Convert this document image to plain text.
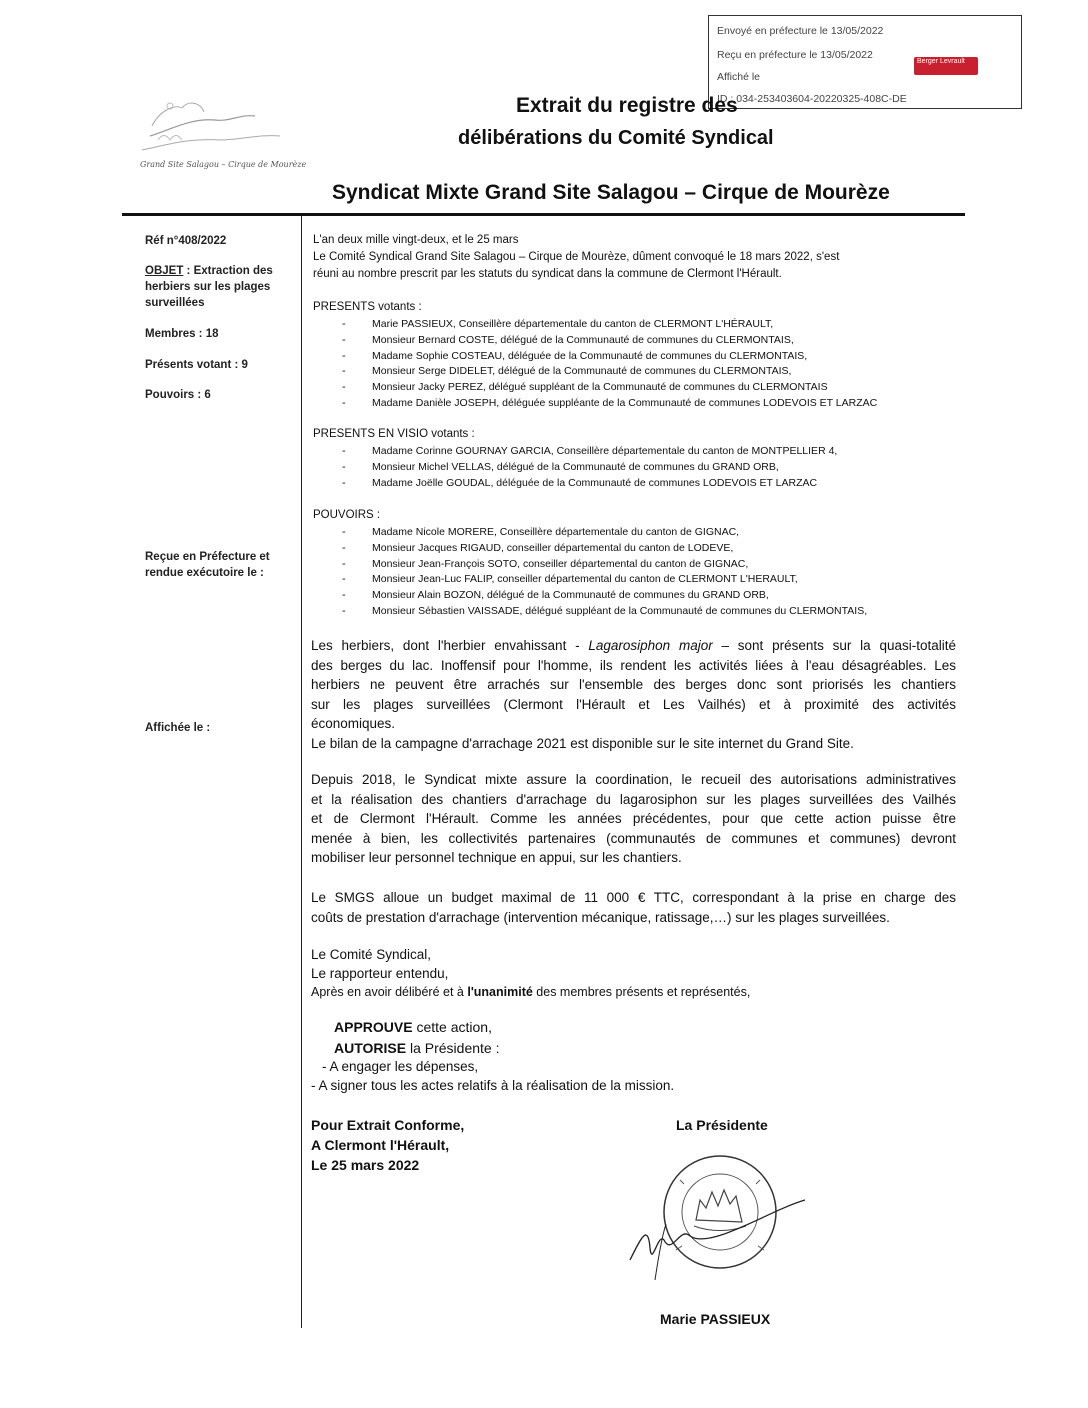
Envoyé en préfecture le 13/05/2022
Reçu en préfecture le 13/05/2022
Affiché le
ID : 034-253403604-20220325-408C-DE
Berger Levrault
Grand Site Salagou – Cirque de Mourèze
Extrait du registre des
délibérations du Comité Syndical
Syndicat Mixte Grand Site Salagou – Cirque de Mourèze
Réf n°408/2022
OBJET : Extraction des
herbiers sur les plages
surveillées
Membres : 18
Présents votant : 9
Pouvoirs : 6
Reçue en Préfecture et
rendue exécutoire le :
Affichée le :
L'an deux mille vingt-deux, et le 25 mars
Le Comité Syndical Grand Site Salagou – Cirque de Mourèze, dûment convoqué le 18 mars 2022, s'est
réuni au nombre prescrit par les statuts du syndicat dans la commune de Clermont l'Hérault.
PRESENTS votants :
-	Marie PASSIEUX, Conseillère départementale du canton de CLERMONT L'HÉRAULT,
-	Monsieur Bernard COSTE, délégué de la Communauté de communes du CLERMONTAIS,
-	Madame Sophie COSTEAU, déléguée de la Communauté de communes du CLERMONTAIS,
-	Monsieur Serge DIDELET, délégué de la Communauté de communes du CLERMONTAIS,
-	Monsieur Jacky PEREZ, délégué suppléant de la Communauté de communes du CLERMONTAIS
-	Madame Danièle JOSEPH, déléguée suppléante de la Communauté de communes LODEVOIS ET LARZAC
PRESENTS EN VISIO votants :
-	Madame Corinne GOURNAY GARCIA, Conseillère départementale du canton de MONTPELLIER 4,
-	Monsieur Michel VELLAS, délégué de la Communauté de communes du GRAND ORB,
-	Madame Joëlle GOUDAL, déléguée de la Communauté de communes LODEVOIS ET LARZAC
POUVOIRS :
-	Madame Nicole MORERE, Conseillère départementale du canton de GIGNAC,
-	Monsieur Jacques RIGAUD, conseiller départemental du canton de LODEVE,
-	Monsieur Jean-François SOTO, conseiller départemental du canton de GIGNAC,
-	Monsieur Jean-Luc FALIP, conseiller départemental du canton de CLERMONT L'HERAULT,
-	Monsieur Alain BOZON, délégué de la Communauté de communes du GRAND ORB,
-	Monsieur Sébastien VAISSADE, délégué suppléant de la Communauté de communes du CLERMONTAIS,
Les herbiers, dont l'herbier envahissant - Lagarosiphon major – sont présents sur la quasi-totalité
des berges du lac. Inoffensif pour l'homme, ils rendent les activités liées à l'eau désagréables. Les
herbiers ne peuvent être arrachés sur l'ensemble des berges donc sont priorisés les chantiers
sur les plages surveillées (Clermont l'Hérault et Les Vailhés) et à proximité des activités
économiques.
Le bilan de la campagne d'arrachage 2021 est disponible sur le site internet du Grand Site.
Depuis 2018, le Syndicat mixte assure la coordination, le recueil des autorisations administratives
et la réalisation des chantiers d'arrachage du lagarosiphon sur les plages surveillées des Vailhés
et de Clermont l'Hérault. Comme les années précédentes, pour que cette action puisse être
menée à bien, les collectivités partenaires (communautés de communes et communes) devront
mobiliser leur personnel technique en appui, sur les chantiers.
Le SMGS alloue un budget maximal de 11 000 € TTC, correspondant à la prise en charge des
coûts de prestation d'arrachage (intervention mécanique, ratissage,…) sur les plages surveillées.
Le Comité Syndical,
Le rapporteur entendu,
Après en avoir délibéré et à l'unanimité des membres présents et représentés,
APPROUVE cette action,
AUTORISE la Présidente :
- A engager les dépenses,
- A signer tous les actes relatifs à la réalisation de la mission.
Pour Extrait Conforme,
A Clermont l'Hérault,
Le 25 mars 2022
La Présidente
Marie PASSIEUX
